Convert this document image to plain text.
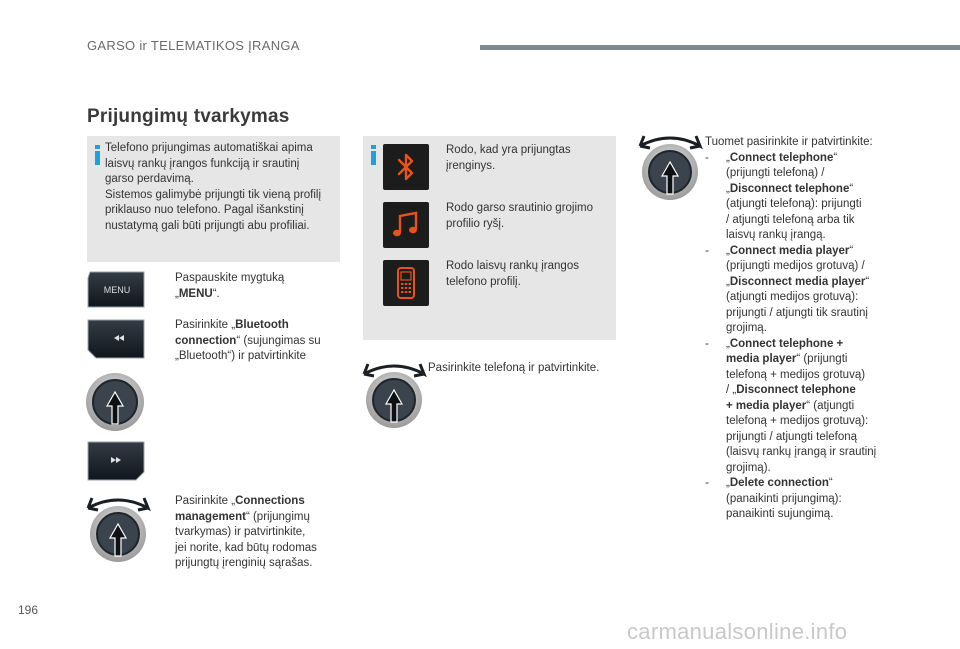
GARSO ir TELEMATIKOS ĮRANGA
Prijungimų tvarkymas
Telefono prijungimas automatiškai apima
laisvų rankų įrangos funkciją ir srautinį
garso perdavimą.
Sistemos galimybė prijungti tik vieną profilį
priklauso nuo telefono. Pagal išankstinį
nustatymą gali būti prijungti abu profiliai.
MENU
Paspauskite mygtuką
„MENU“.
Pasirinkite „Bluetooth
connection“ (sujungimas su
„Bluetooth“) ir patvirtinkite
Pasirinkite „Connections
management“ (prijungimų
tvarkymas) ir patvirtinkite,
jei norite, kad būtų rodomas
prijungtų įrenginių sąrašas.
Rodo, kad yra prijungtas
įrenginys.
Rodo garso srautinio grojimo
profilio ryšį.
Rodo laisvų rankų įrangos
telefono profilį.
Pasirinkite telefoną ir patvirtinkite.
Tuomet pasirinkite ir patvirtinkite:
- „Connect telephone“
(prijungti telefoną) /
„Disconnect telephone“
(atjungti telefoną): prijungti
/ atjungti telefoną arba tik
laisvų rankų įrangą.
- „Connect media player“
(prijungti medijos grotuvą) /
„Disconnect media player“
(atjungti medijos grotuvą):
prijungti / atjungti tik srautinį
grojimą.
- „Connect telephone +
media player“ (prijungti
telefoną + medijos grotuvą)
/ „Disconnect telephone
+ media player“ (atjungti
telefoną + medijos grotuvą):
prijungti / atjungti telefoną
(laisvų rankų įrangą ir srautinį
grojimą).
- „Delete connection“
(panaikinti prijungimą):
panaikinti sujungimą.
196
carmanualsonline.info
